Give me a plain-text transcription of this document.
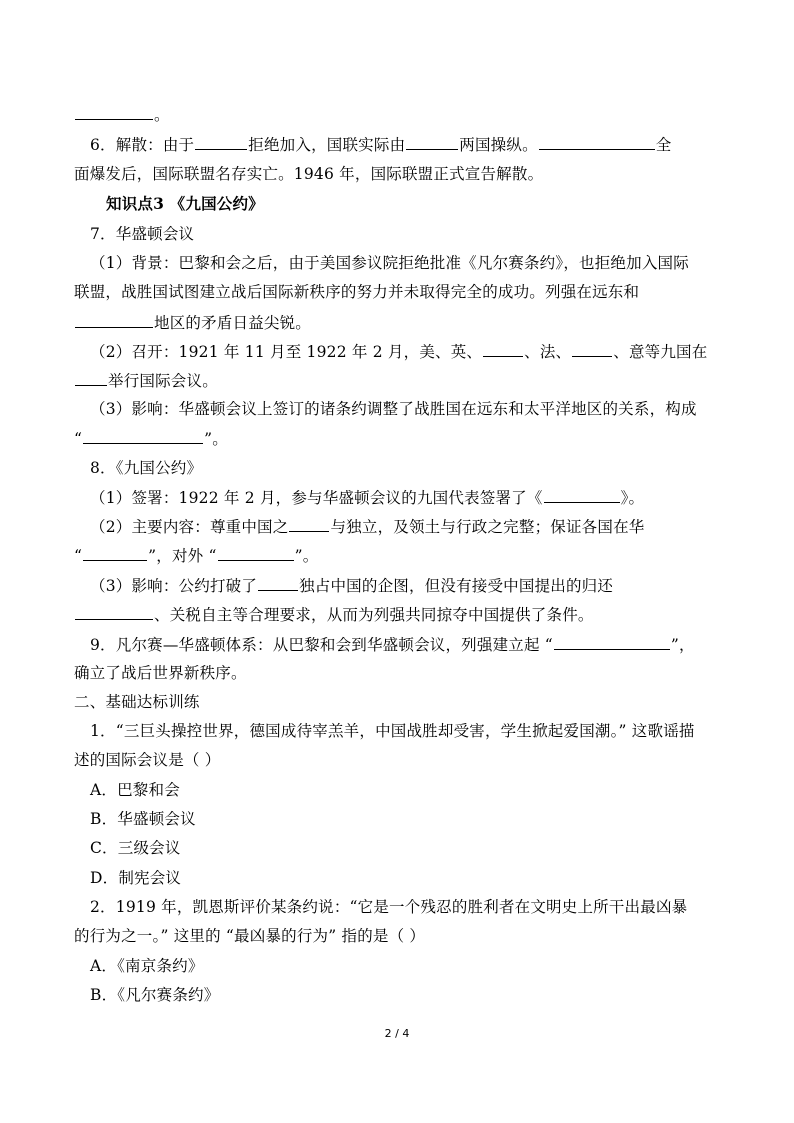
。
6．解散：由于	拒绝加入，国联实际由	两国操纵。	全
面爆发后，国际联盟名存实亡。1946 年，国际联盟正式宣告解散。
知识点3 《九国公约》
7．华盛顿会议
（1）背景：巴黎和会之后，由于美国参议院拒绝批准《凡尔赛条约》，也拒绝加入国际
联盟，战胜国试图建立战后国际新秩序的努力并未取得完全的成功。列强在远东和
地区的矛盾日益尖锐。
（2）召开：1921 年 11 月至 1922 年 2 月，美、英、	、法、	、意等九国在
举行国际会议。
（3）影响：华盛顿会议上签订的诸条约调整了战胜国在远东和太平洋地区的关系，构成
“	”。
8．《九国公约》
（1）签署：1922 年 2 月，参与华盛顿会议的九国代表签署了《	》。
（2）主要内容：尊重中国之	与独立，及领土与行政之完整；保证各国在华
“	”，对外 “	”。
（3）影响：公约打破了	独占中国的企图，但没有接受中国提出的归还
、关税自主等合理要求，从而为列强共同掠夺中国提供了条件。
9．凡尔赛—华盛顿体系：从巴黎和会到华盛顿会议，列强建立起 “	”，
确立了战后世界新秩序。
二、基础达标训练
1．“三巨头操控世界，德国成待宰羔羊，中国战胜却受害，学生掀起爱国潮。” 这歌谣描
述的国际会议是（ ）
A．巴黎和会
B．华盛顿会议
C．三级会议
D．制宪会议
2．1919 年，凯恩斯评价某条约说：“它是一个残忍的胜利者在文明史上所干出最凶暴
的行为之一。” 这里的 “最凶暴的行为” 指的是（ ）
A．《南京条约》
B．《凡尔赛条约》
2 / 4
